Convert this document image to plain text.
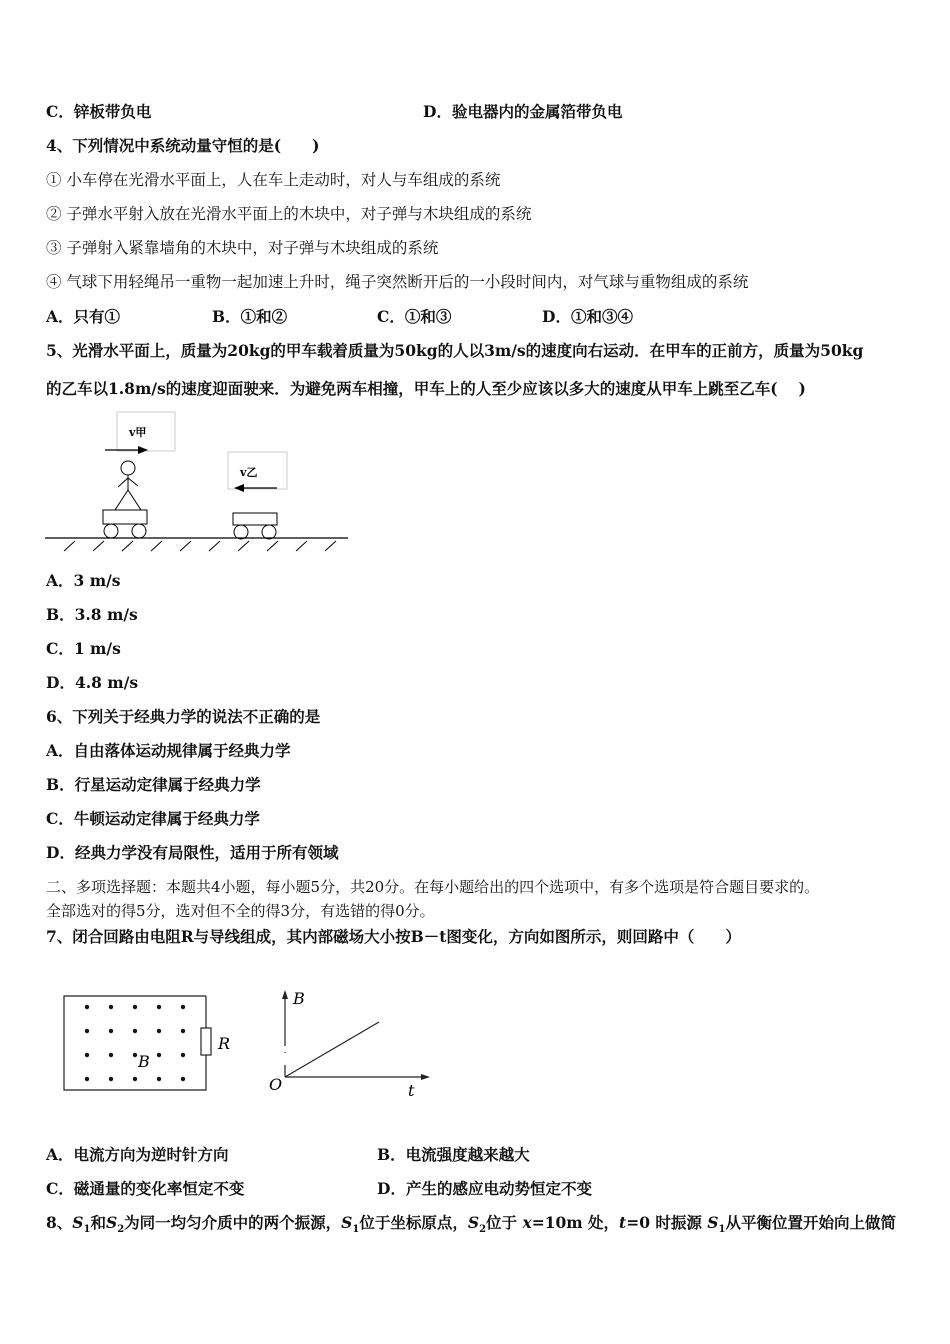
C．锌板带负电	D．验电器内的金属箔带负电
4、下列情况中系统动量守恒的是(　　)
① 小车停在光滑水平面上，人在车上走动时，对人与车组成的系统
② 子弹水平射入放在光滑水平面上的木块中，对子弹与木块组成的系统
③ 子弹射入紧靠墙角的木块中，对子弹与木块组成的系统
④ 气球下用轻绳吊一重物一起加速上升时，绳子突然断开后的一小段时间内，对气球与重物组成的系统
A．只有①	B．①和②	C．①和③	D．①和③④
5、光滑水平面上，质量为20kg的甲车载着质量为50kg的人以3m/s的速度向右运动．在甲车的正前方，质量为50kg
的乙车以1.8m/s的速度迎面驶来．为避免两车相撞，甲车上的人至少应该以多大的速度从甲车上跳至乙车(　 )
v甲
v乙
A．3 m/s
B．3.8 m/s
C．1 m/s
D．4.8 m/s
6、下列关于经典力学的说法不正确的是
A．自由落体运动规律属于经典力学
B．行星运动定律属于经典力学
C．牛顿运动定律属于经典力学
D．经典力学没有局限性，适用于所有领域
二、多项选择题：本题共4小题，每小题5分，共20分。在每小题给出的四个选项中，有多个选项是符合题目要求的。
全部选对的得5分，选对但不全的得3分，有选错的得0分。
7、闭合回路由电阻R与导线组成，其内部磁场大小按B－t图变化，方向如图所示，则回路中（　　）
B
R
B
t
O
A．电流方向为逆时针方向	B．电流强度越来越大
C．磁通量的变化率恒定不变	D．产生的感应电动势恒定不变
8、$S_1$和$S_2$为同一均匀介质中的两个振源，$S_1$位于坐标原点，$S_2$位于 x=10m 处，t=0 时振源 $S_1$从平衡位置开始向上做简
